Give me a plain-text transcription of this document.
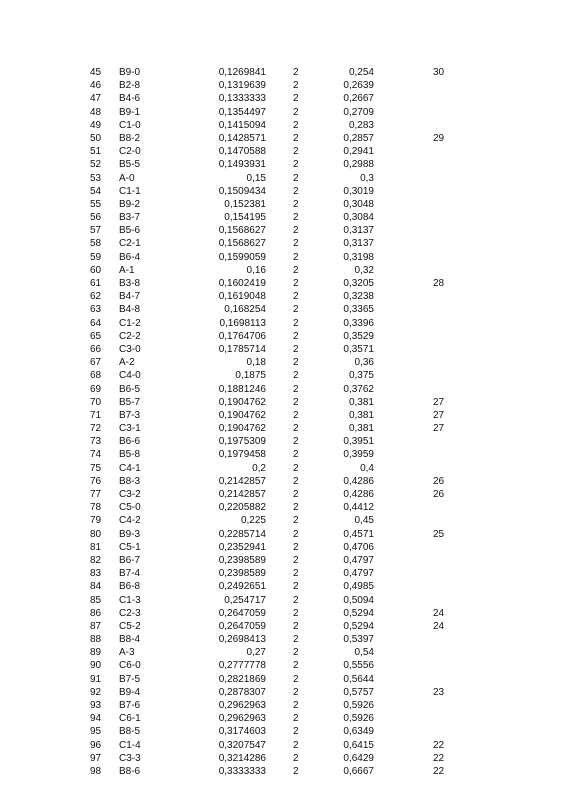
45 B9-0	0,1269841	2	0,254	30
46 B2-8	0,1319639	2	0,2639
47 B4-6	0,1333333	2	0,2667
48 B9-1	0,1354497	2	0,2709
49 C1-0	0,1415094	2	0,283
50 B8-2	0,1428571	2	0,2857	29
51 C2-0	0,1470588	2	0,2941
52 B5-5	0,1493931	2	0,2988
53 A-0	0,15	2	0,3
54 C1-1	0,1509434	2	0,3019
55 B9-2	0,152381	2	0,3048
56 B3-7	0,154195	2	0,3084
57 B5-6	0,1568627	2	0,3137
58 C2-1	0,1568627	2	0,3137
59 B6-4	0,1599059	2	0,3198
60 A-1	0,16	2	0,32
61 B3-8	0,1602419	2	0,3205	28
62 B4-7	0,1619048	2	0,3238
63 B4-8	0,168254	2	0,3365
64 C1-2	0,1698113	2	0,3396
65 C2-2	0,1764706	2	0,3529
66 C3-0	0,1785714	2	0,3571
67 A-2	0,18	2	0,36
68 C4-0	0,1875	2	0,375
69 B6-5	0,1881246	2	0,3762
70 B5-7	0,1904762	2	0,381	27
71 B7-3	0,1904762	2	0,381	27
72 C3-1	0,1904762	2	0,381	27
73 B6-6	0,1975309	2	0,3951
74 B5-8	0,1979458	2	0,3959
75 C4-1	0,2	2	0,4
76 B8-3	0,2142857	2	0,4286	26
77 C3-2	0,2142857	2	0,4286	26
78 C5-0	0,2205882	2	0,4412
79 C4-2	0,225	2	0,45
80 B9-3	0,2285714	2	0,4571	25
81 C5-1	0,2352941	2	0,4706
82 B6-7	0,2398589	2	0,4797
83 B7-4	0,2398589	2	0,4797
84 B6-8	0,2492651	2	0,4985
85 C1-3	0,254717	2	0,5094
86 C2-3	0,2647059	2	0,5294	24
87 C5-2	0,2647059	2	0,5294	24
88 B8-4	0,2698413	2	0,5397
89 A-3	0,27	2	0,54
90 C6-0	0,2777778	2	0,5556
91 B7-5	0,2821869	2	0,5644
92 B9-4	0,2878307	2	0,5757	23
93 B7-6	0,2962963	2	0,5926
94 C6-1	0,2962963	2	0,5926
95 B8-5	0,3174603	2	0,6349
96 C1-4	0,3207547	2	0,6415	22
97 C3-3	0,3214286	2	0,6429	22
98 B8-6	0,3333333	2	0,6667	22
